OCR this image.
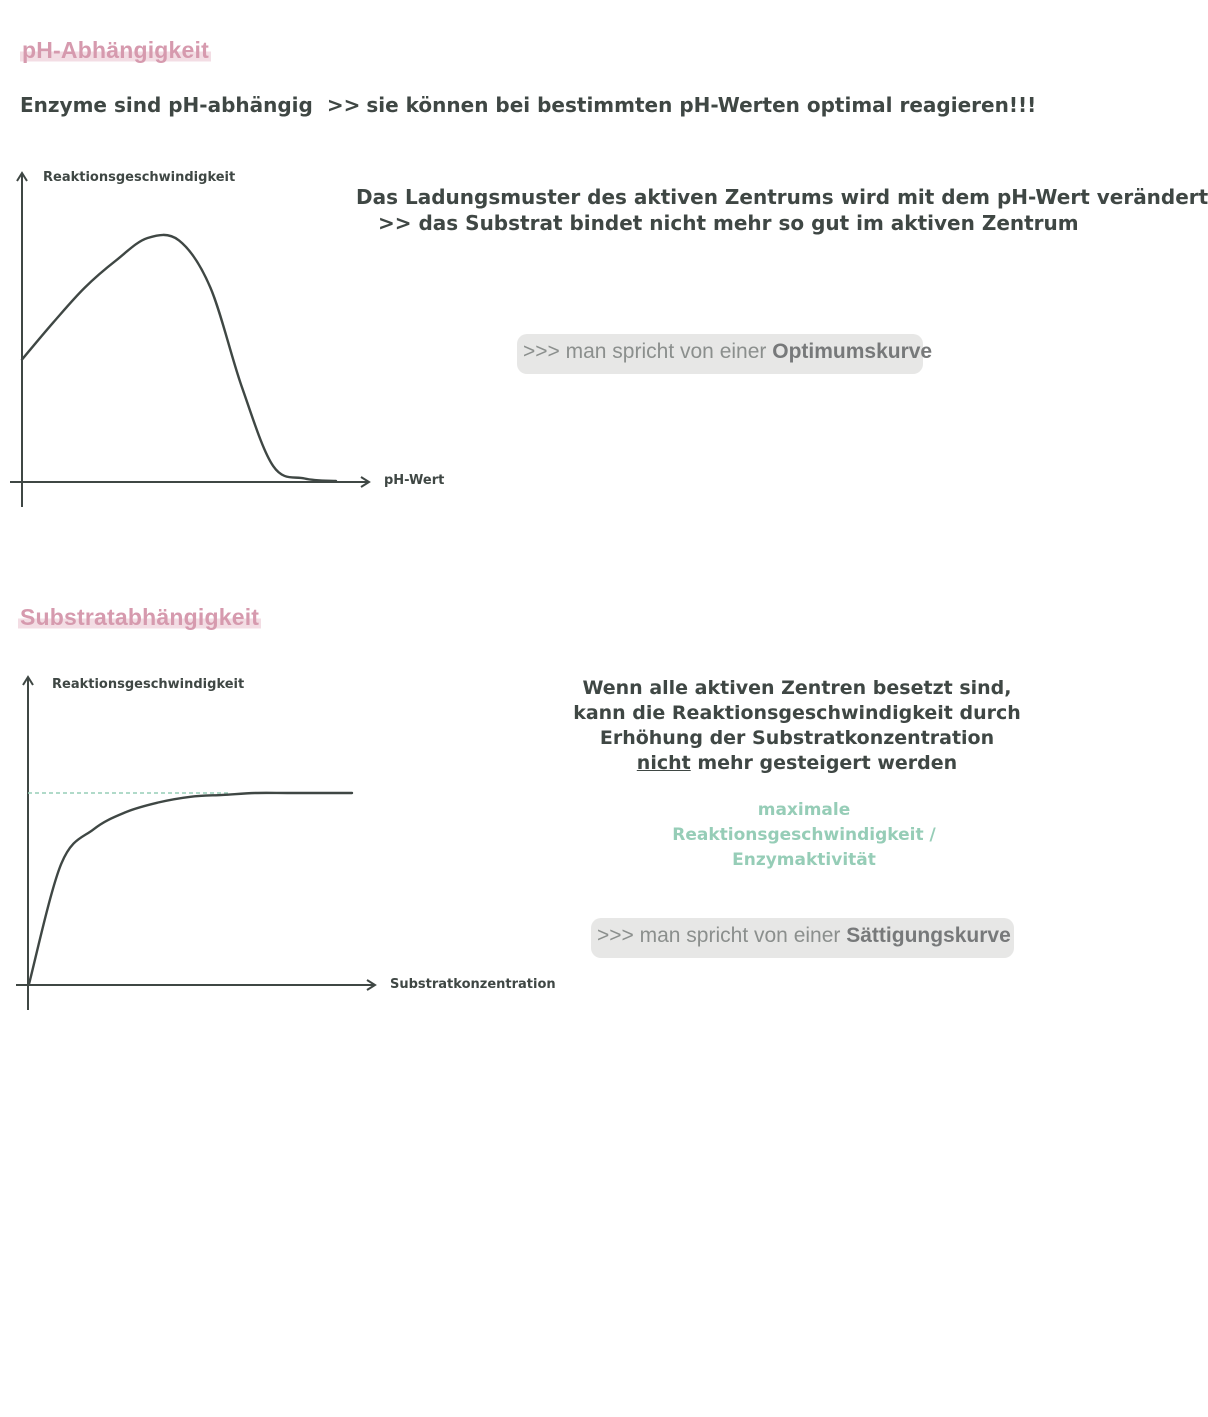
pH-Abhängigkeit
Enzyme sind pH-abhängig >> sie können bei bestimmten pH-Werten optimal reagieren!!!
Das Ladungsmuster des aktiven Zentrums wird mit dem pH-Wert verändert
>> das Substrat bindet nicht mehr so gut im aktiven Zentrum
>>> man spricht von einer Optimumskurve
Reaktionsgeschwindigkeit
pH-Wert
Substratabhängigkeit
Wenn alle aktiven Zentren besetzt sind, kann die Reaktionsgeschwindigkeit durch Erhöhung der Substratkonzentration nicht mehr gesteigert werden
maximale
Reaktionsgeschwindigkeit /
Enzymaktivität
>>> man spricht von einer Sättigungskurve
Reaktionsgeschwindigkeit
Substratkonzentration
